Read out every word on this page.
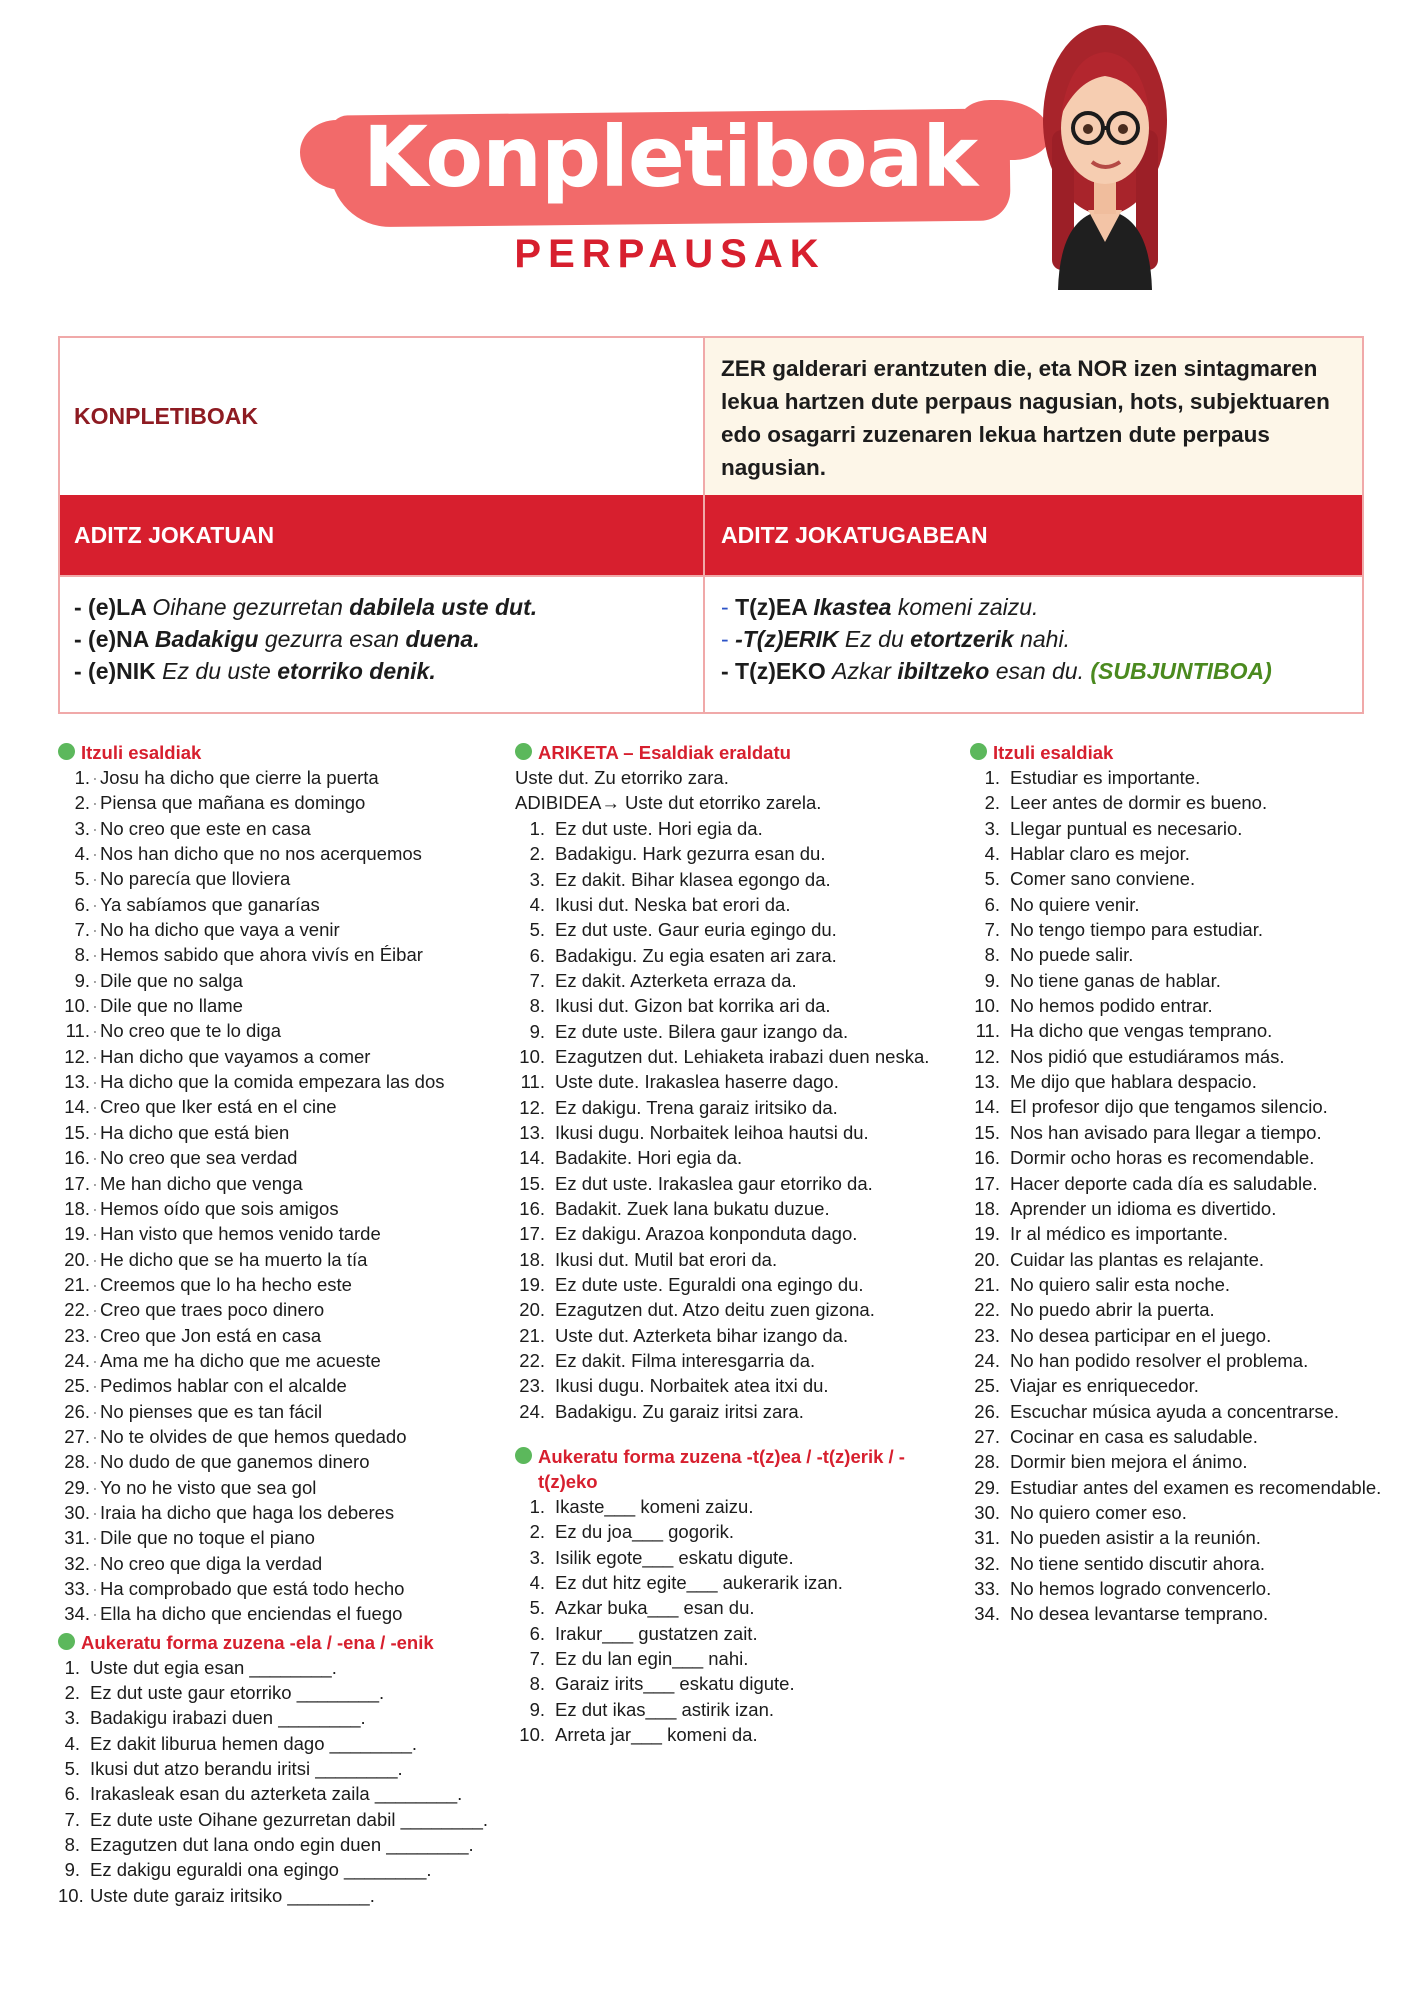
Konpletiboak
PERPAUSAK
KONPLETIBOAK
ZER galderari erantzuten die, eta NOR izen sintagmaren lekua hartzen dute perpaus nagusian, hots, subjektuaren edo osagarri zuzenaren lekua hartzen dute perpaus nagusian.
ADITZ JOKATUAN	ADITZ JOKATUGABEAN
- (e)LA Oihane gezurretan dabilela uste dut.
- (e)NA Badakigu gezurra esan duena.
- (e)NIK Ez du uste etorriko denik.
- T(z)EA Ikastea komeni zaizu.
- -T(z)ERIK Ez du etortzerik nahi.
- T(z)EKO Azkar ibiltzeko esan du. (SUBJUNTIBOA)
Itzuli esaldiak
1. · Josu ha dicho que cierre la puerta
2. · Piensa que mañana es domingo
3. · No creo que este en casa
4. · Nos han dicho que no nos acerquemos
5. · No parecía que lloviera
6. · Ya sabíamos que ganarías
7. · No ha dicho que vaya a venir
8. · Hemos sabido que ahora vivís en Éibar
9. · Dile que no salga
10. · Dile que no llame
11. · No creo que te lo diga
12. · Han dicho que vayamos a comer
13. · Ha dicho que la comida empezara las dos
14. · Creo que Iker está en el cine
15. · Ha dicho que está bien
16. · No creo que sea verdad
17. · Me han dicho que venga
18. · Hemos oído que sois amigos
19. · Han visto que hemos venido tarde
20. · He dicho que se ha muerto la tía
21. · Creemos que lo ha hecho este
22. · Creo que traes poco dinero
23. · Creo que Jon está en casa
24. · Ama me ha dicho que me acueste
25. · Pedimos hablar con el alcalde
26. · No pienses que es tan fácil
27. · No te olvides de que hemos quedado
28. · No dudo de que ganemos dinero
29. · Yo no he visto que sea gol
30. · Iraia ha dicho que haga los deberes
31. · Dile que no toque el piano
32. · No creo que diga la verdad
33. · Ha comprobado que está todo hecho
34. · Ella ha dicho que enciendas el fuego
Aukeratu forma zuzena -ela / -ena / -enik
1. Uste dut egia esan ________.
2. Ez dut uste gaur etorriko ________.
3. Badakigu irabazi duen ________.
4. Ez dakit liburua hemen dago ________.
5. Ikusi dut atzo berandu iritsi ________.
6. Irakasleak esan du azterketa zaila ________.
7. Ez dute uste Oihane gezurretan dabil ________.
8. Ezagutzen dut lana ondo egin duen ________.
9. Ez dakigu eguraldi ona egingo ________.
10. Uste dute garaiz iritsiko ________.
ARIKETA – Esaldiak eraldatu
Uste dut. Zu etorriko zara.
ADIBIDEA→ Uste dut etorriko zarela.
1. Ez dut uste. Hori egia da.
2. Badakigu. Hark gezurra esan du.
3. Ez dakit. Bihar klasea egongo da.
4. Ikusi dut. Neska bat erori da.
5. Ez dut uste. Gaur euria egingo du.
6. Badakigu. Zu egia esaten ari zara.
7. Ez dakit. Azterketa erraza da.
8. Ikusi dut. Gizon bat korrika ari da.
9. Ez dute uste. Bilera gaur izango da.
10. Ezagutzen dut. Lehiaketa irabazi duen neska.
11. Uste dute. Irakaslea haserre dago.
12. Ez dakigu. Trena garaiz iritsiko da.
13. Ikusi dugu. Norbaitek leihoa hautsi du.
14. Badakite. Hori egia da.
15. Ez dut uste. Irakaslea gaur etorriko da.
16. Badakit. Zuek lana bukatu duzue.
17. Ez dakigu. Arazoa konponduta dago.
18. Ikusi dut. Mutil bat erori da.
19. Ez dute uste. Eguraldi ona egingo du.
20. Ezagutzen dut. Atzo deitu zuen gizona.
21. Uste dut. Azterketa bihar izango da.
22. Ez dakit. Filma interesgarria da.
23. Ikusi dugu. Norbaitek atea itxi du.
24. Badakigu. Zu garaiz iritsi zara.
Aukeratu forma zuzena -t(z)ea / -t(z)erik / -t(z)eko
1. Ikaste___ komeni zaizu.
2. Ez du joa___ gogorik.
3. Isilik egote___ eskatu digute.
4. Ez dut hitz egite___ aukerarik izan.
5. Azkar buka___ esan du.
6. Irakur___ gustatzen zait.
7. Ez du lan egin___ nahi.
8. Garaiz irits___ eskatu digute.
9. Ez dut ikas___ astirik izan.
10. Arreta jar___ komeni da.
Itzuli esaldiak
1. Estudiar es importante.
2. Leer antes de dormir es bueno.
3. Llegar puntual es necesario.
4. Hablar claro es mejor.
5. Comer sano conviene.
6. No quiere venir.
7. No tengo tiempo para estudiar.
8. No puede salir.
9. No tiene ganas de hablar.
10. No hemos podido entrar.
11. Ha dicho que vengas temprano.
12. Nos pidió que estudiáramos más.
13. Me dijo que hablara despacio.
14. El profesor dijo que tengamos silencio.
15. Nos han avisado para llegar a tiempo.
16. Dormir ocho horas es recomendable.
17. Hacer deporte cada día es saludable.
18. Aprender un idioma es divertido.
19. Ir al médico es importante.
20. Cuidar las plantas es relajante.
21. No quiero salir esta noche.
22. No puedo abrir la puerta.
23. No desea participar en el juego.
24. No han podido resolver el problema.
25. Viajar es enriquecedor.
26. Escuchar música ayuda a concentrarse.
27. Cocinar en casa es saludable.
28. Dormir bien mejora el ánimo.
29. Estudiar antes del examen es recomendable.
30. No quiero comer eso.
31. No pueden asistir a la reunión.
32. No tiene sentido discutir ahora.
33. No hemos logrado convencerlo.
34. No desea levantarse temprano.
